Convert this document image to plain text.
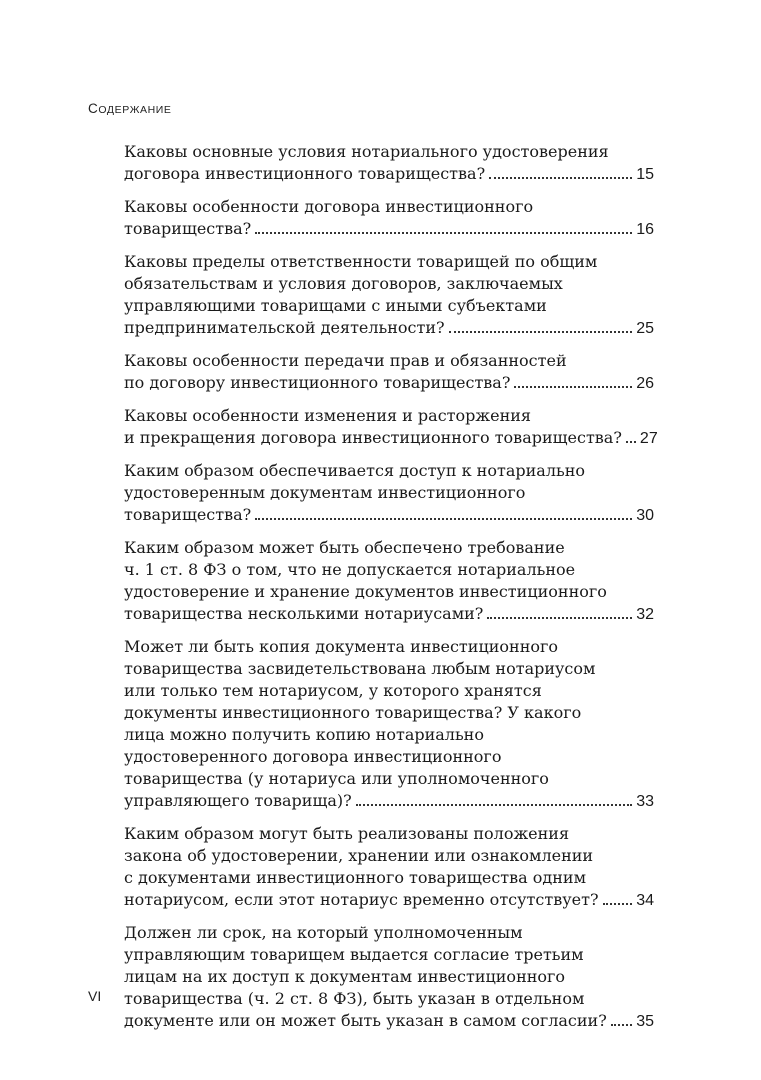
СОДЕРЖАНИЕ
Каковы основные условия нотариального удостоверения
договора инвестиционного товарищества?	15
Каковы особенности договора инвестиционного
товарищества?	16
Каковы пределы ответственности товарищей по общим
обязательствам и условия договоров, заключаемых
управляющими товарищами с иными субъектами
предпринимательской деятельности?	25
Каковы особенности передачи прав и обязанностей
по договору инвестиционного товарищества?	26
Каковы особенности изменения и расторжения
и прекращения договора инвестиционного товарищества? 27
Каким образом обеспечивается доступ к нотариально
удостоверенным документам инвестиционного
товарищества?	30
Каким образом может быть обеспечено требование
ч. 1 ст. 8 ФЗ о том, что не допускается нотариальное
удостоверение и хранение документов инвестиционного
товарищества несколькими нотариусами?	32
Может ли быть копия документа инвестиционного
товарищества засвидетельствована любым нотариусом
или только тем нотариусом, у которого хранятся
документы инвестиционного товарищества? У какого
лица можно получить копию нотариально
удостоверенного договора инвестиционного
товарищества (у нотариуса или уполномоченного
управляющего товарища)?	33
Каким образом могут быть реализованы положения
закона об удостоверении, хранении или ознакомлении
с документами инвестиционного товарищества одним
нотариусом, если этот нотариус временно отсутствует? 34
Должен ли срок, на который уполномоченным
управляющим товарищем выдается согласие третьим
лицам на их доступ к документам инвестиционного
товарищества (ч. 2 ст. 8 ФЗ), быть указан в отдельном
документе или он может быть указан в самом согласии? 35
VI
